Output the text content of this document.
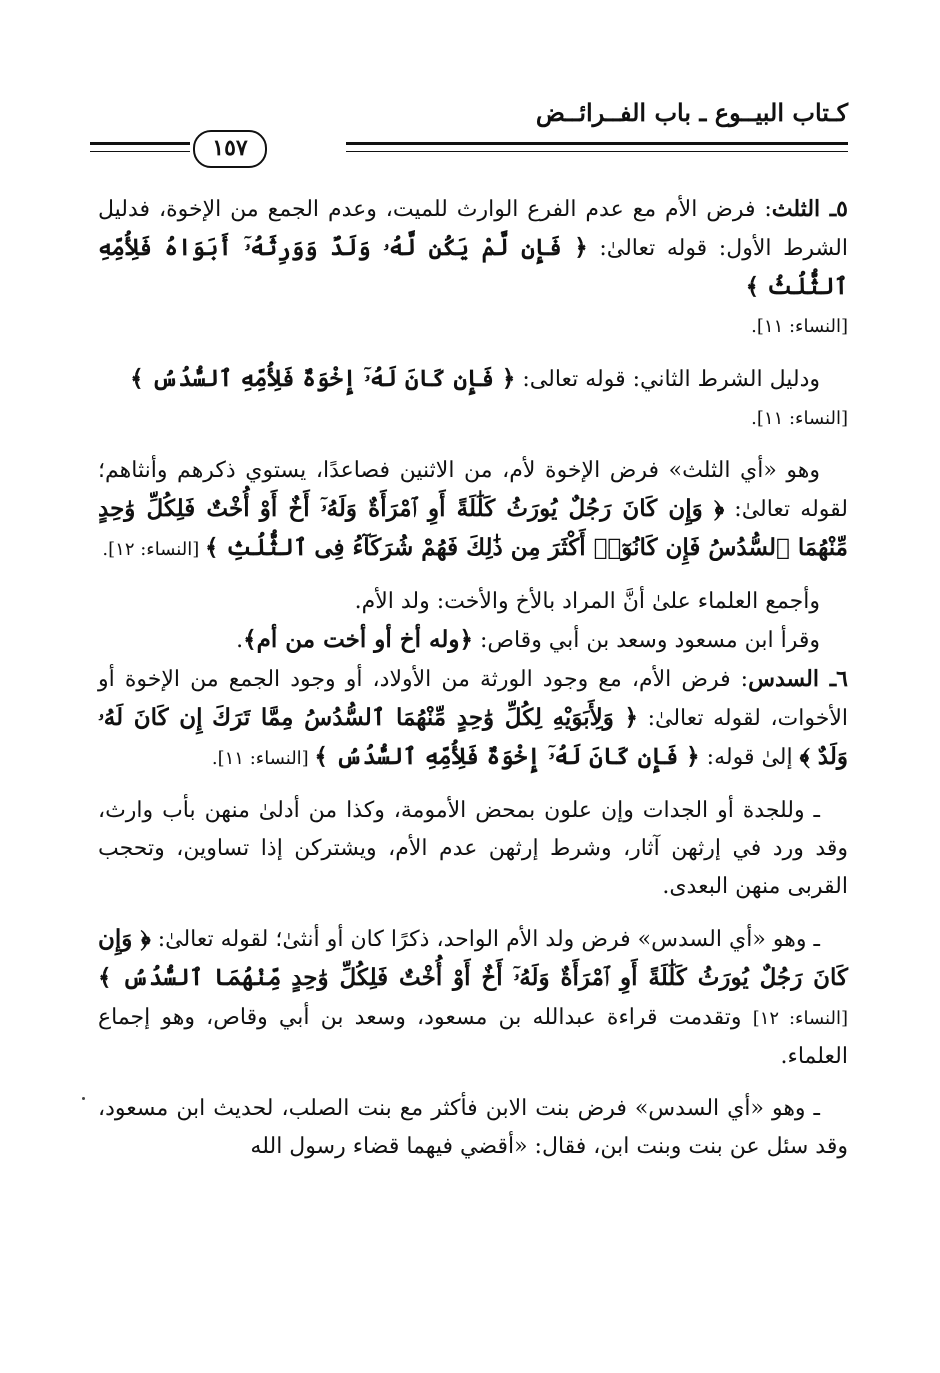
كـتاب البيــوع ـ باب الفــرائــض
١٥٧

٥ـ الثلث: فرض الأم مع عدم الفرع الوارث للميت، وعدم الجمع من الإخوة، فدليل الشرط الأول: قوله تعالىٰ: ﴿ فَإِن لَّمْ يَكُن لَّهُۥ وَلَدٌ وَوَرِثَهُۥٓ أَبَوَاهُ فَلِأُمِّهِ ٱلثُّلُثُ ﴾
[النساء: ١١].

ودليل الشرط الثاني: قوله تعالى: ﴿ فَإِن كَانَ لَهُۥٓ إِخْوَةٌ فَلِأُمِّهِ ٱلسُّدُسُ ﴾
[النساء: ١١].

وهو «أي الثلث» فرض الإخوة لأم، من الاثنين فصاعدًا، يستوي ذكرهم وأنثاهم؛ لقوله تعالىٰ: ﴿ وَإِن كَانَ رَجُلٌ يُورَثُ كَلَٰلَةً أَوِ ٱمْرَأَةٌ وَلَهُۥٓ أَخٌ أَوْ أُخْتٌ فَلِكُلِّ وَٰحِدٍ مِّنْهُمَا ٱلسُّدُسُ فَإِن كَانُوٓا۟ أَكْثَرَ مِن ذَٰلِكَ فَهُمْ شُرَكَآءُ فِى ٱلثُّلُثِ ﴾ [النساء: ١٢].

وأجمع العلماء علىٰ أنَّ المراد بالأخ والأخت: ولد الأم.

وقرأ ابن مسعود وسعد بن أبي وقاص: ﴿وله أخ أو أخت من أم﴾.

٦ـ السدس: فرض الأم، مع وجود الورثة من الأولاد، أو وجود الجمع من الإخوة أو الأخوات، لقوله تعالىٰ: ﴿ وَلِأَبَوَيْهِ لِكُلِّ وَٰحِدٍ مِّنْهُمَا ٱلسُّدُسُ مِمَّا تَرَكَ إِن كَانَ لَهُۥ وَلَدٌ ﴾ إلىٰ قوله: ﴿ فَإِن كَانَ لَهُۥٓ إِخْوَةٌ فَلِأُمِّهِ ٱلسُّدُسُ ﴾ [النساء: ١١].

ـ وللجدة أو الجدات وإن علون بمحض الأمومة، وكذا من أدلىٰ منهن بأب وارث، وقد ورد في إرثهن آثار، وشرط إرثهن عدم الأم، ويشتركن إذا تساوين، وتحجب القربى منهن البعدى.

ـ وهو «أي السدس» فرض ولد الأم الواحد، ذكرًا كان أو أنثىٰ؛ لقوله تعالىٰ: ﴿ وَإِن كَانَ رَجُلٌ يُورَثُ كَلَٰلَةً أَوِ ٱمْرَأَةٌ وَلَهُۥٓ أَخٌ أَوْ أُخْتٌ فَلِكُلِّ وَٰحِدٍ مِّنْهُمَا ٱلسُّدُسُ ﴾ [النساء: ١٢] وتقدمت قراءة عبدالله بن مسعود، وسعد بن أبي وقاص، وهو إجماع العلماء.

ـ وهو «أي السدس» فرض بنت الابن فأكثر مع بنت الصلب، لحديث ابن مسعود، وقد سئل عن بنت وبنت ابن، فقال: «أقضي فيهما قضاء رسول الله
